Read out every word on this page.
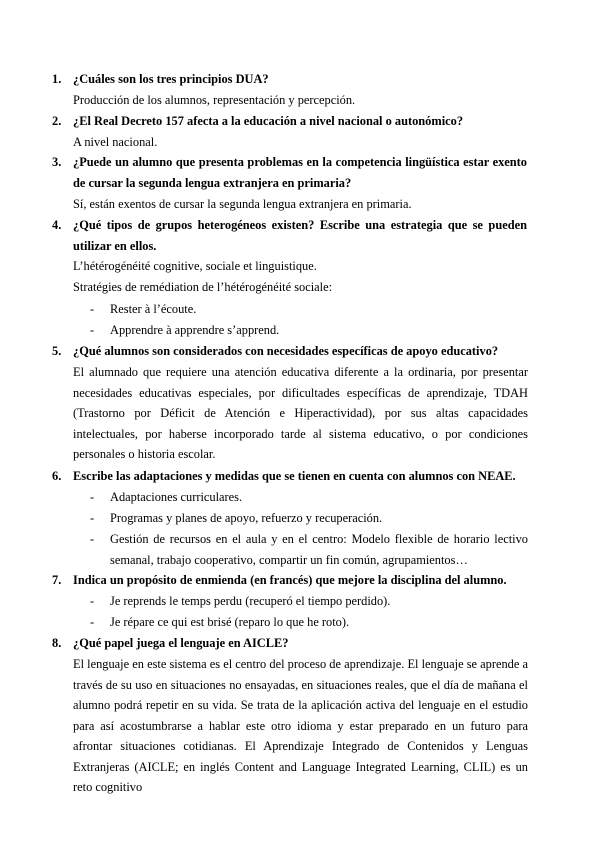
1. ¿Cuáles son los tres principios DUA?
Producción de los alumnos, representación y percepción.
2. ¿El Real Decreto 157 afecta a la educación a nivel nacional o autonómico?
A nivel nacional.
3. ¿Puede un alumno que presenta problemas en la competencia lingüística estar exento de cursar la segunda lengua extranjera en primaria?
Sí, están exentos de cursar la segunda lengua extranjera en primaria.
4. ¿Qué tipos de grupos heterogéneos existen? Escribe una estrategia que se pueden utilizar en ellos.
L’hétérogénéité cognitive, sociale et linguistique.
Stratégies de remédiation de l’hétérogénéité sociale:
- Rester à l’écoute.
- Apprendre à apprendre s’apprend.
5. ¿Qué alumnos son considerados con necesidades específicas de apoyo educativo?
El alumnado que requiere una atención educativa diferente a la ordinaria, por presentar necesidades educativas especiales, por dificultades específicas de aprendizaje, TDAH (Trastorno por Déficit de Atención e Hiperactividad), por sus altas capacidades intelectuales, por haberse incorporado tarde al sistema educativo, o por condiciones personales o historia escolar.
6. Escribe las adaptaciones y medidas que se tienen en cuenta con alumnos con NEAE.
- Adaptaciones curriculares.
- Programas y planes de apoyo, refuerzo y recuperación.
- Gestión de recursos en el aula y en el centro: Modelo flexible de horario lectivo semanal, trabajo cooperativo, compartir un fin común, agrupamientos…
7. Indica un propósito de enmienda (en francés) que mejore la disciplina del alumno.
- Je reprends le temps perdu (recuperó el tiempo perdido).
- Je répare ce qui est brisé (reparo lo que he roto).
8. ¿Qué papel juega el lenguaje en AICLE?
El lenguaje en este sistema es el centro del proceso de aprendizaje. El lenguaje se aprende a través de su uso en situaciones no ensayadas, en situaciones reales, que el día de mañana el alumno podrá repetir en su vida. Se trata de la aplicación activa del lenguaje en el estudio para así acostumbrarse a hablar este otro idioma y estar preparado en un futuro para afrontar situaciones cotidianas. El Aprendizaje Integrado de Contenidos y Lenguas Extranjeras (AICLE; en inglés Content and Language Integrated Learning, CLIL) es un reto cognitivo
